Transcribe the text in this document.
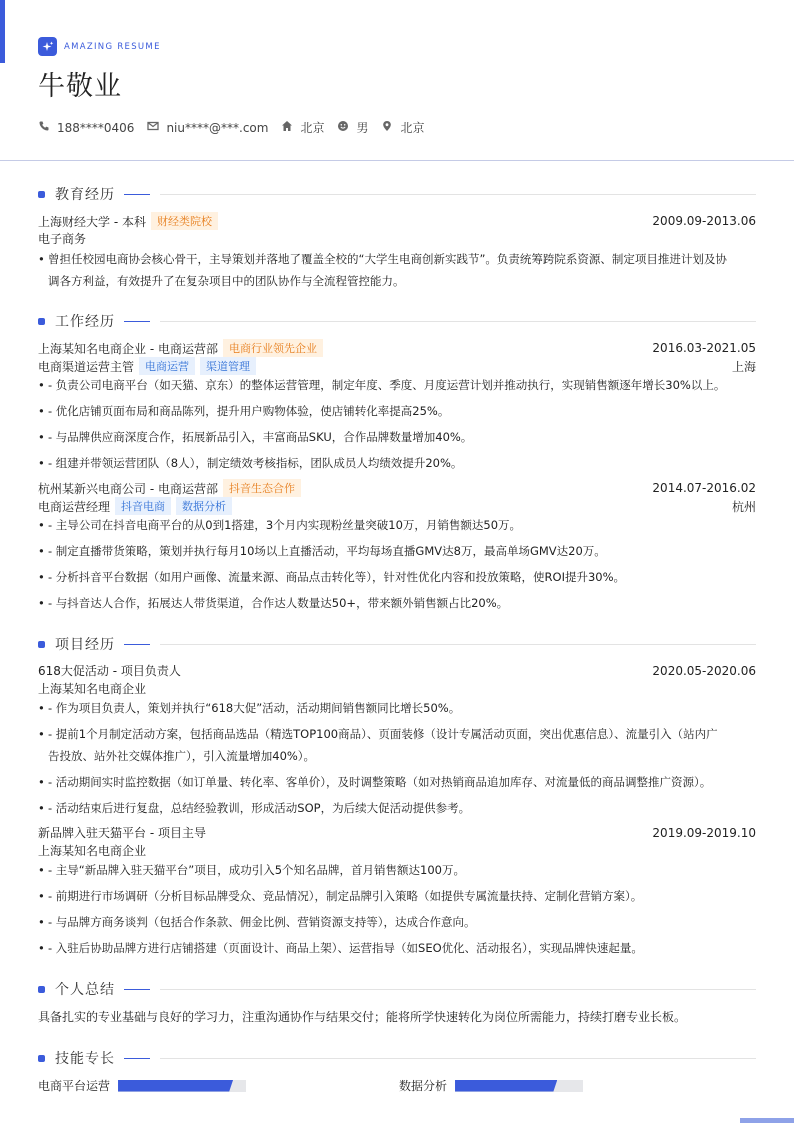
AMAZING RESUME
牛敬业
188****0406	niu****@***.com	北京	男	北京
教育经历
上海财经大学 - 本科	财经类院校	2009.09-2013.06
电子商务
• 曾担任校园电商协会核心骨干，主导策划并落地了覆盖全校的“大学生电商创新实践节”。负责统筹跨院系资源、制定项目推进计划及协
调各方利益，有效提升了在复杂项目中的团队协作与全流程管控能力。
工作经历
上海某知名电商企业 - 电商运营部	电商行业领先企业	2016.03-2021.05
电商渠道运营主管	电商运营	渠道管理	上海
• - 负责公司电商平台（如天猫、京东）的整体运营管理，制定年度、季度、月度运营计划并推动执行，实现销售额逐年增长30%以上。
• - 优化店铺页面布局和商品陈列，提升用户购物体验，使店铺转化率提高25%。
• - 与品牌供应商深度合作，拓展新品引入，丰富商品SKU，合作品牌数量增加40%。
• - 组建并带领运营团队（8人），制定绩效考核指标，团队成员人均绩效提升20%。
杭州某新兴电商公司 - 电商运营部	抖音生态合作	2014.07-2016.02
电商运营经理	抖音电商	数据分析	杭州
• - 主导公司在抖音电商平台的从0到1搭建，3个月内实现粉丝量突破10万，月销售额达50万。
• - 制定直播带货策略，策划并执行每月10场以上直播活动，平均每场直播GMV达8万，最高单场GMV达20万。
• - 分析抖音平台数据（如用户画像、流量来源、商品点击转化等），针对性优化内容和投放策略，使ROI提升30%。
• - 与抖音达人合作，拓展达人带货渠道，合作达人数量达50+，带来额外销售额占比20%。
项目经历
618大促活动 - 项目负责人	2020.05-2020.06
上海某知名电商企业
• - 作为项目负责人，策划并执行“618大促”活动，活动期间销售额同比增长50%。
• - 提前1个月制定活动方案，包括商品选品（精选TOP100商品）、页面装修（设计专属活动页面，突出优惠信息）、流量引入（站内广
告投放、站外社交媒体推广），引入流量增加40%）。
• - 活动期间实时监控数据（如订单量、转化率、客单价），及时调整策略（如对热销商品追加库存、对流量低的商品调整推广资源）。
• - 活动结束后进行复盘，总结经验教训，形成活动SOP，为后续大促活动提供参考。
新品牌入驻天猫平台 - 项目主导	2019.09-2019.10
上海某知名电商企业
• - 主导“新品牌入驻天猫平台”项目，成功引入5个知名品牌，首月销售额达100万。
• - 前期进行市场调研（分析目标品牌受众、竞品情况），制定品牌引入策略（如提供专属流量扶持、定制化营销方案）。
• - 与品牌方商务谈判（包括合作条款、佣金比例、营销资源支持等），达成合作意向。
• - 入驻后协助品牌方进行店铺搭建（页面设计、商品上架）、运营指导（如SEO优化、活动报名），实现品牌快速起量。
个人总结
具备扎实的专业基础与良好的学习力，注重沟通协作与结果交付；能将所学快速转化为岗位所需能力，持续打磨专业长板。
技能专长
电商平台运营	数据分析
